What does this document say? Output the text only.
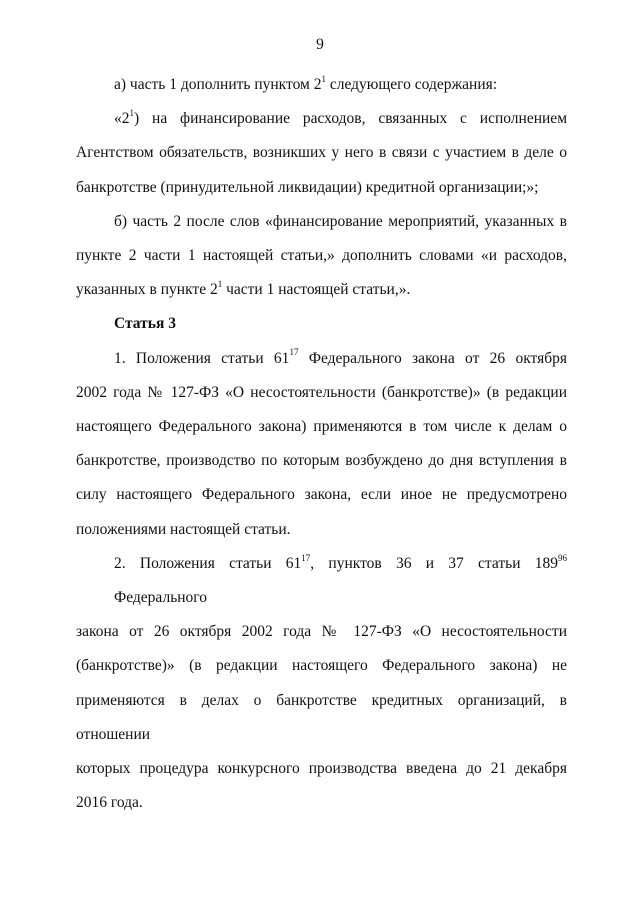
9
а) часть 1 дополнить пунктом $2^1$ следующего содержания:
«$2^1$) на финансирование расходов, связанных с исполнением
Агентством обязательств, возникших у него в связи с участием в деле о
банкротстве (принудительной ликвидации) кредитной организации;»;
б) часть 2 после слов «финансирование мероприятий, указанных в
пункте 2 части 1 настоящей статьи,» дополнить словами «и расходов,
указанных в пункте $2^1$ части 1 настоящей статьи,».
Статья 3
1. Положения статьи $61^{17}$ Федерального закона от 26 октября
2002 года № 127-ФЗ «О несостоятельности (банкротстве)» (в редакции
настоящего Федерального закона) применяются в том числе к делам о
банкротстве, производство по которым возбуждено до дня вступления в
силу настоящего Федерального закона, если иное не предусмотрено
положениями настоящей статьи.
2. Положения статьи $61^{17}$, пунктов 36 и 37 статьи $189^{96}$ Федерального
закона от 26 октября 2002 года № 127-ФЗ «О несостоятельности
(банкротстве)» (в редакции настоящего Федерального закона) не
применяются в делах о банкротстве кредитных организаций, в отношении
которых процедура конкурсного производства введена до 21 декабря
2016 года.
